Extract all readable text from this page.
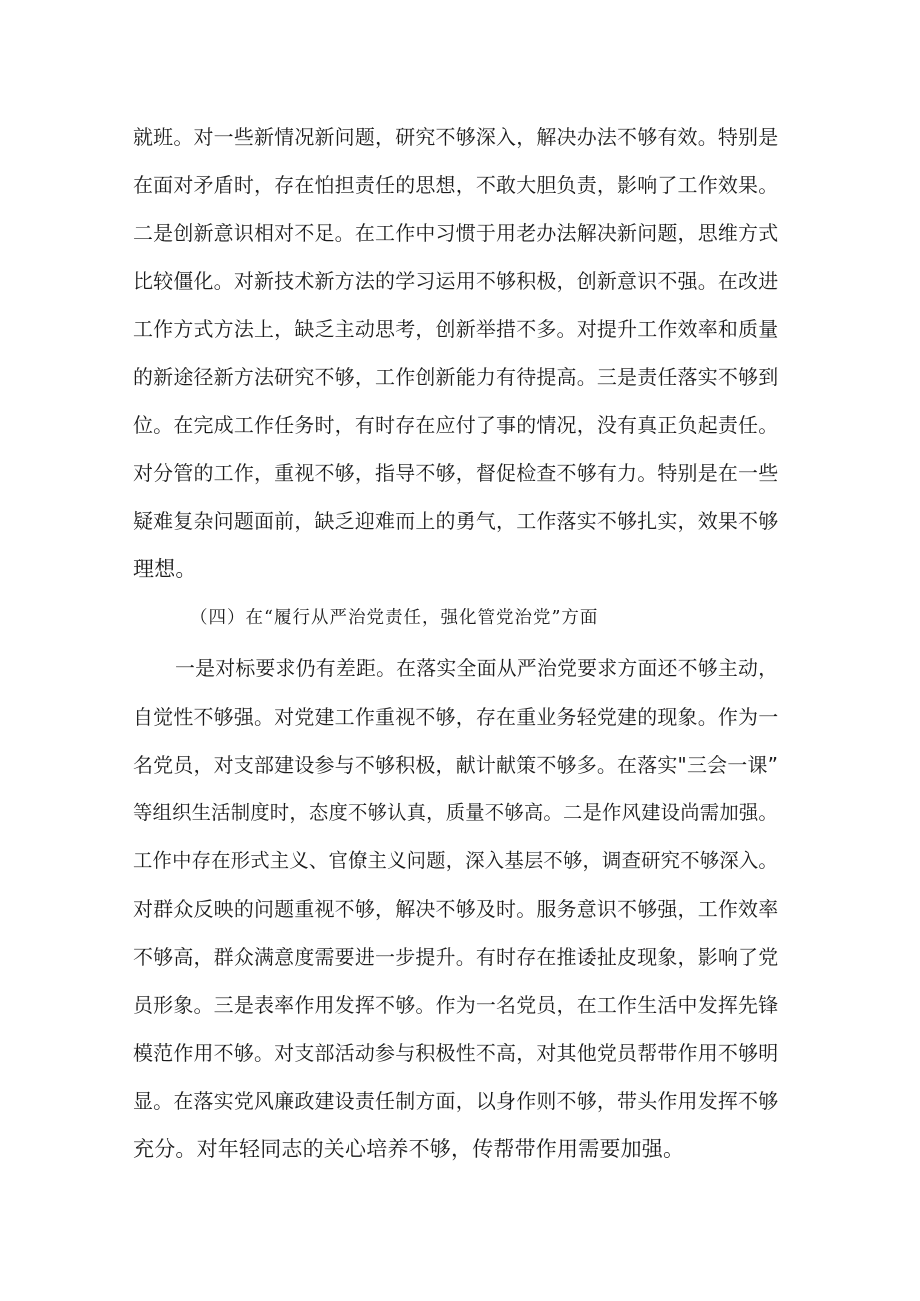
就班。对一些新情况新问题，研究不够深入，解决办法不够有效。特别是
在面对矛盾时，存在怕担责任的思想，不敢大胆负责，影响了工作效果。
二是创新意识相对不足。在工作中习惯于用老办法解决新问题，思维方式
比较僵化。对新技术新方法的学习运用不够积极，创新意识不强。在改进
工作方式方法上，缺乏主动思考，创新举措不多。对提升工作效率和质量
的新途径新方法研究不够，工作创新能力有待提高。三是责任落实不够到
位。在完成工作任务时，有时存在应付了事的情况，没有真正负起责任。
对分管的工作，重视不够，指导不够，督促检查不够有力。特别是在一些
疑难复杂问题面前，缺乏迎难而上的勇气，工作落实不够扎实，效果不够
理想。
（四）在“履行从严治党责任，强化管党治党”方面
一是对标要求仍有差距。在落实全面从严治党要求方面还不够主动，
自觉性不够强。对党建工作重视不够，存在重业务轻党建的现象。作为一
名党员，对支部建设参与不够积极，献计献策不够多。在落实"三会一课”
等组织生活制度时，态度不够认真，质量不够高。二是作风建设尚需加强。
工作中存在形式主义、官僚主义问题，深入基层不够，调查研究不够深入。
对群众反映的问题重视不够，解决不够及时。服务意识不够强，工作效率
不够高，群众满意度需要进一步提升。有时存在推诿扯皮现象，影响了党
员形象。三是表率作用发挥不够。作为一名党员，在工作生活中发挥先锋
模范作用不够。对支部活动参与积极性不高，对其他党员帮带作用不够明
显。在落实党风廉政建设责任制方面，以身作则不够，带头作用发挥不够
充分。对年轻同志的关心培养不够，传帮带作用需要加强。
